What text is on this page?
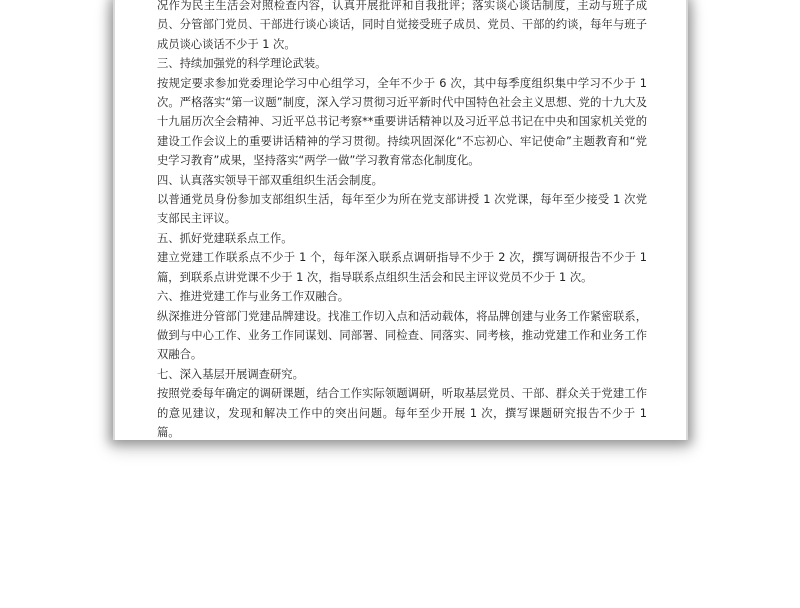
况作为民主生活会对照检查内容，认真开展批评和自我批评；落实谈心谈话制度，主动与班子成员、分管部门党员、干部进行谈心谈话，同时自觉接受班子成员、党员、干部的约谈，每年与班子成员谈心谈话不少于 1 次。

三、持续加强党的科学理论武装。

按规定要求参加党委理论学习中心组学习，全年不少于 6 次，其中每季度组织集中学习不少于 1 次。严格落实“第一议题”制度，深入学习贯彻习近平新时代中国特色社会主义思想、党的十九大及十九届历次全会精神、习近平总书记考察**重要讲话精神以及习近平总书记在中央和国家机关党的建设工作会议上的重要讲话精神的学习贯彻。持续巩固深化“不忘初心、牢记使命”主题教育和“党史学习教育”成果，坚持落实“两学一做”学习教育常态化制度化。

四、认真落实领导干部双重组织生活会制度。

以普通党员身份参加支部组织生活，每年至少为所在党支部讲授 1 次党课，每年至少接受 1 次党支部民主评议。

五、抓好党建联系点工作。

建立党建工作联系点不少于 1 个，每年深入联系点调研指导不少于 2 次，撰写调研报告不少于 1 篇，到联系点讲党课不少于 1 次，指导联系点组织生活会和民主评议党员不少于 1 次。

六、推进党建工作与业务工作双融合。

纵深推进分管部门党建品牌建设。找准工作切入点和活动载体，将品牌创建与业务工作紧密联系，做到与中心工作、业务工作同谋划、同部署、同检查、同落实、同考核，推动党建工作和业务工作双融合。

七、深入基层开展调查研究。

按照党委每年确定的调研课题，结合工作实际领题调研，听取基层党员、干部、群众关于党建工作的意见建议，发现和解决工作中的突出问题。每年至少开展 1 次，撰写课题研究报告不少于 1 篇。
